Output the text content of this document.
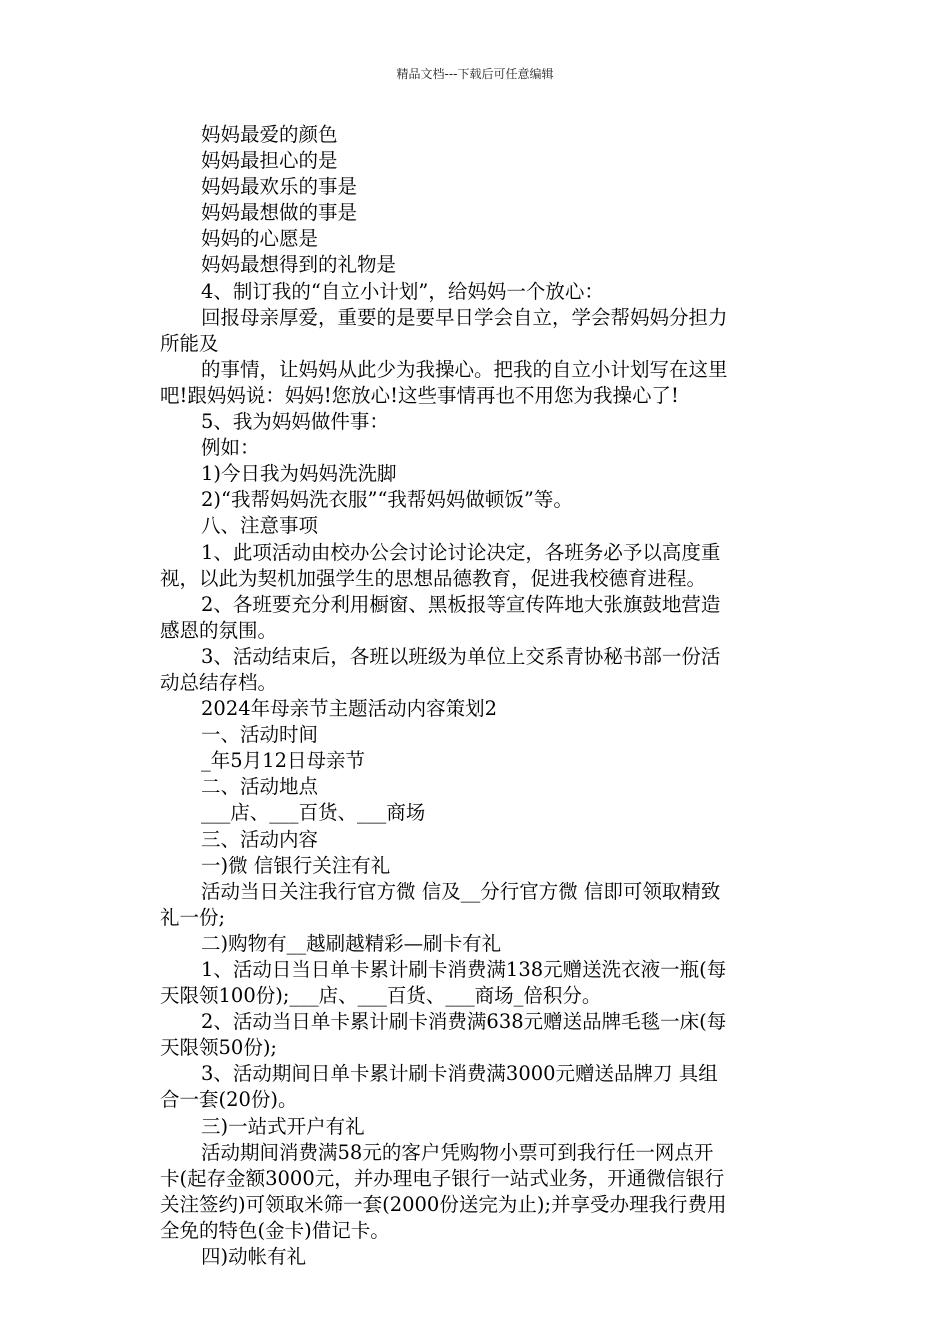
精品文档---下载后可任意编辑
妈妈最爱的颜色
妈妈最担心的是
妈妈最欢乐的事是
妈妈最想做的事是
妈妈的心愿是
妈妈最想得到的礼物是
4、制订我的“自立小计划”，给妈妈一个放心：
回报母亲厚爱，重要的是要早日学会自立，学会帮妈妈分担力
所能及
的事情，让妈妈从此少为我操心。把我的自立小计划写在这里
吧!跟妈妈说：妈妈!您放心!这些事情再也不用您为我操心了!
5、我为妈妈做件事：
例如：
1)今日我为妈妈洗洗脚
2)“我帮妈妈洗衣服”“我帮妈妈做顿饭”等。
八、注意事项
1、此项活动由校办公会讨论讨论决定，各班务必予以高度重
视，以此为契机加强学生的思想品德教育，促进我校德育进程。
2、各班要充分利用橱窗、黑板报等宣传阵地大张旗鼓地营造
感恩的氛围。
3、活动结束后，各班以班级为单位上交系青协秘书部一份活
动总结存档。
2024年母亲节主题活动内容策划2
一、活动时间
_年5月12日母亲节
二、活动地点
___店、___百货、___商场
三、活动内容
一)微 信银行关注有礼
活动当日关注我行官方微 信及__分行官方微 信即可领取精致
礼一份;
二)购物有__越刷越精彩—刷卡有礼
1、活动日当日单卡累计刷卡消费满138元赠送洗衣液一瓶(每
天限领100份);___店、___百货、___商场_倍积分。
2、活动当日单卡累计刷卡消费满638元赠送品牌毛毯一床(每
天限领50份);
3、活动期间日单卡累计刷卡消费满3000元赠送品牌刀 具组
合一套(20份)。
三)一站式开户有礼
活动期间消费满58元的客户凭购物小票可到我行任一网点开
卡(起存金额3000元，并办理电子银行一站式业务，开通微信银行
关注签约)可领取米筛一套(2000份送完为止);并享受办理我行费用
全免的特色(金卡)借记卡。
四)动帐有礼
